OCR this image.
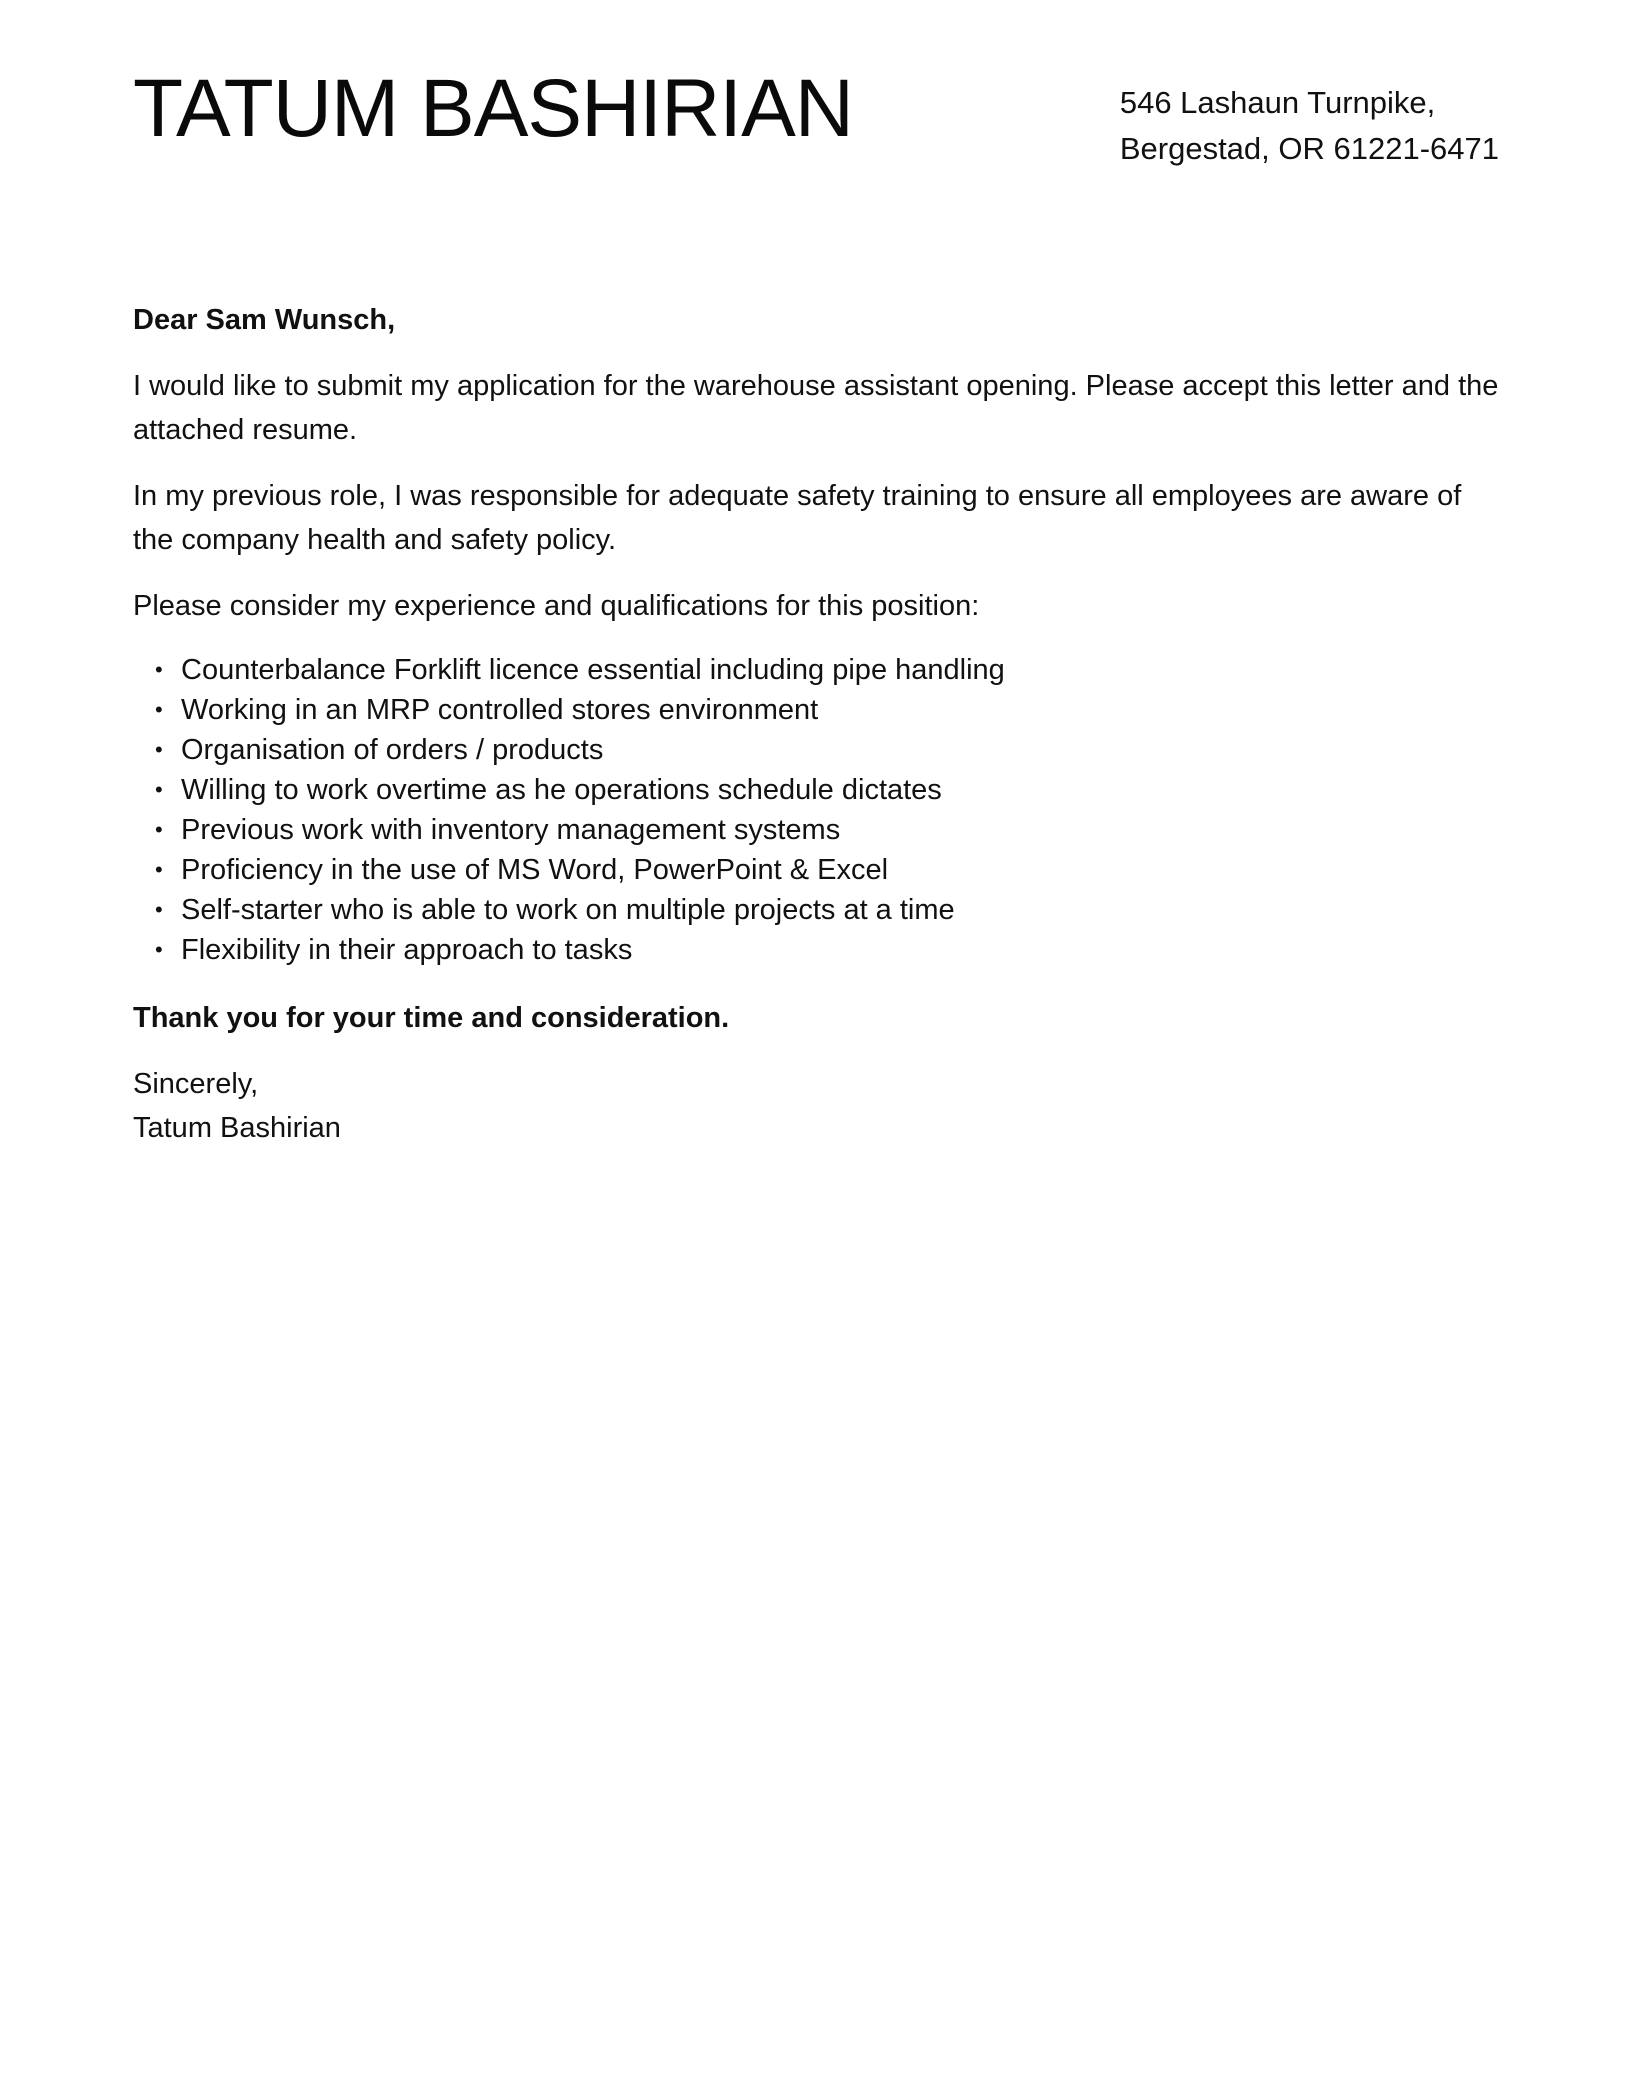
TATUM BASHIRIAN	546 Lashaun Turnpike,
Bergestad, OR 61221-6471

Dear Sam Wunsch,

I would like to submit my application for the warehouse assistant opening. Please accept this letter and the attached resume.

In my previous role, I was responsible for adequate safety training to ensure all employees are aware of the company health and safety policy.

Please consider my experience and qualifications for this position:

• Counterbalance Forklift licence essential including pipe handling
• Working in an MRP controlled stores environment
• Organisation of orders / products
• Willing to work overtime as he operations schedule dictates
• Previous work with inventory management systems
• Proficiency in the use of MS Word, PowerPoint & Excel
• Self-starter who is able to work on multiple projects at a time
• Flexibility in their approach to tasks

Thank you for your time and consideration.

Sincerely,
Tatum Bashirian
